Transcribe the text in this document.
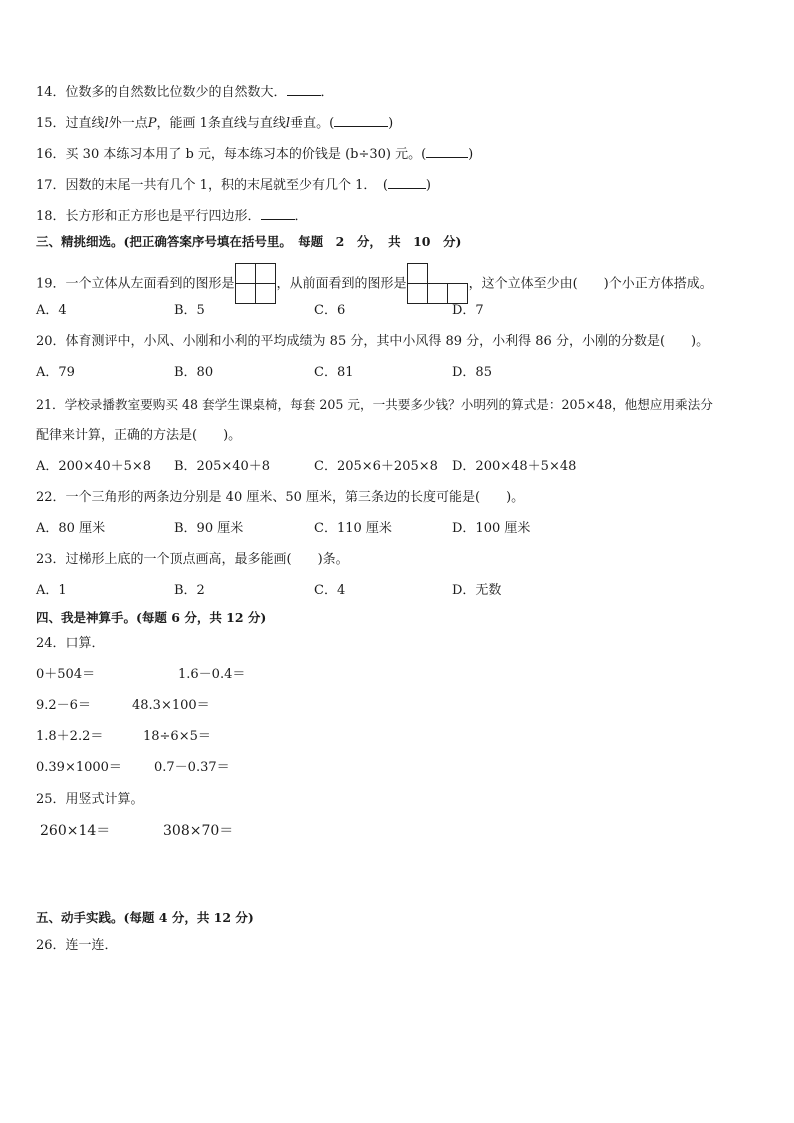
14．位数多的自然数比位数少的自然数大．	．
15．过直线l外一点P，能画 1条直线与直线l垂直。(	)
16．买 30 本练习本用了 b 元，每本练习本的价钱是 (b÷30) 元。(	)
17．因数的末尾一共有几个 1，积的末尾就至少有几个 1．　(	)
18．长方形和正方形也是平行四边形．	．
三、精挑细选。(把正确答案序号填在括号里。　每题　2　分，　共　10　分)
19．一个立体从左面看到的图形是	，从前面看到的图形是	，这个立体至少由(　　)个小正方体搭成。
A．4	B．5	C．6	D．7
20．体育测评中，小风、小刚和小利的平均成绩为 85 分，其中小风得 89 分，小利得 86 分，小刚的分数是(　　)。
A．79	B．80	C．81	D．85
21．学校录播教室要购买 48 套学生课桌椅，每套 205 元，一共要多少钱？小明列的算式是：205×48，他想应用乘法分
配律来计算，正确的方法是(　　)。
A．200×40＋5×8 B．205×40＋8	C．205×6＋205×8 D．200×48＋5×48
22．一个三角形的两条边分别是 40 厘米、50 厘米，第三条边的长度可能是(　　)。
A．80 厘米	B．90 厘米	C．110 厘米	D．100 厘米
23．过梯形上底的一个顶点画高，最多能画(　　)条。
A．1	B．2	C．4	D．无数
四、我是神算手。(每题 6 分，共 12 分)
24．口算．
0＋504＝	1.6－0.4＝
9.2－6＝	48.3×100＝
1.8＋2.2＝	18÷6×5＝
0.39×1000＝ 0.7－0.37＝
25．用竖式计算。
260×14＝	308×70＝
五、动手实践。(每题 4 分，共 12 分)
26．连一连．
